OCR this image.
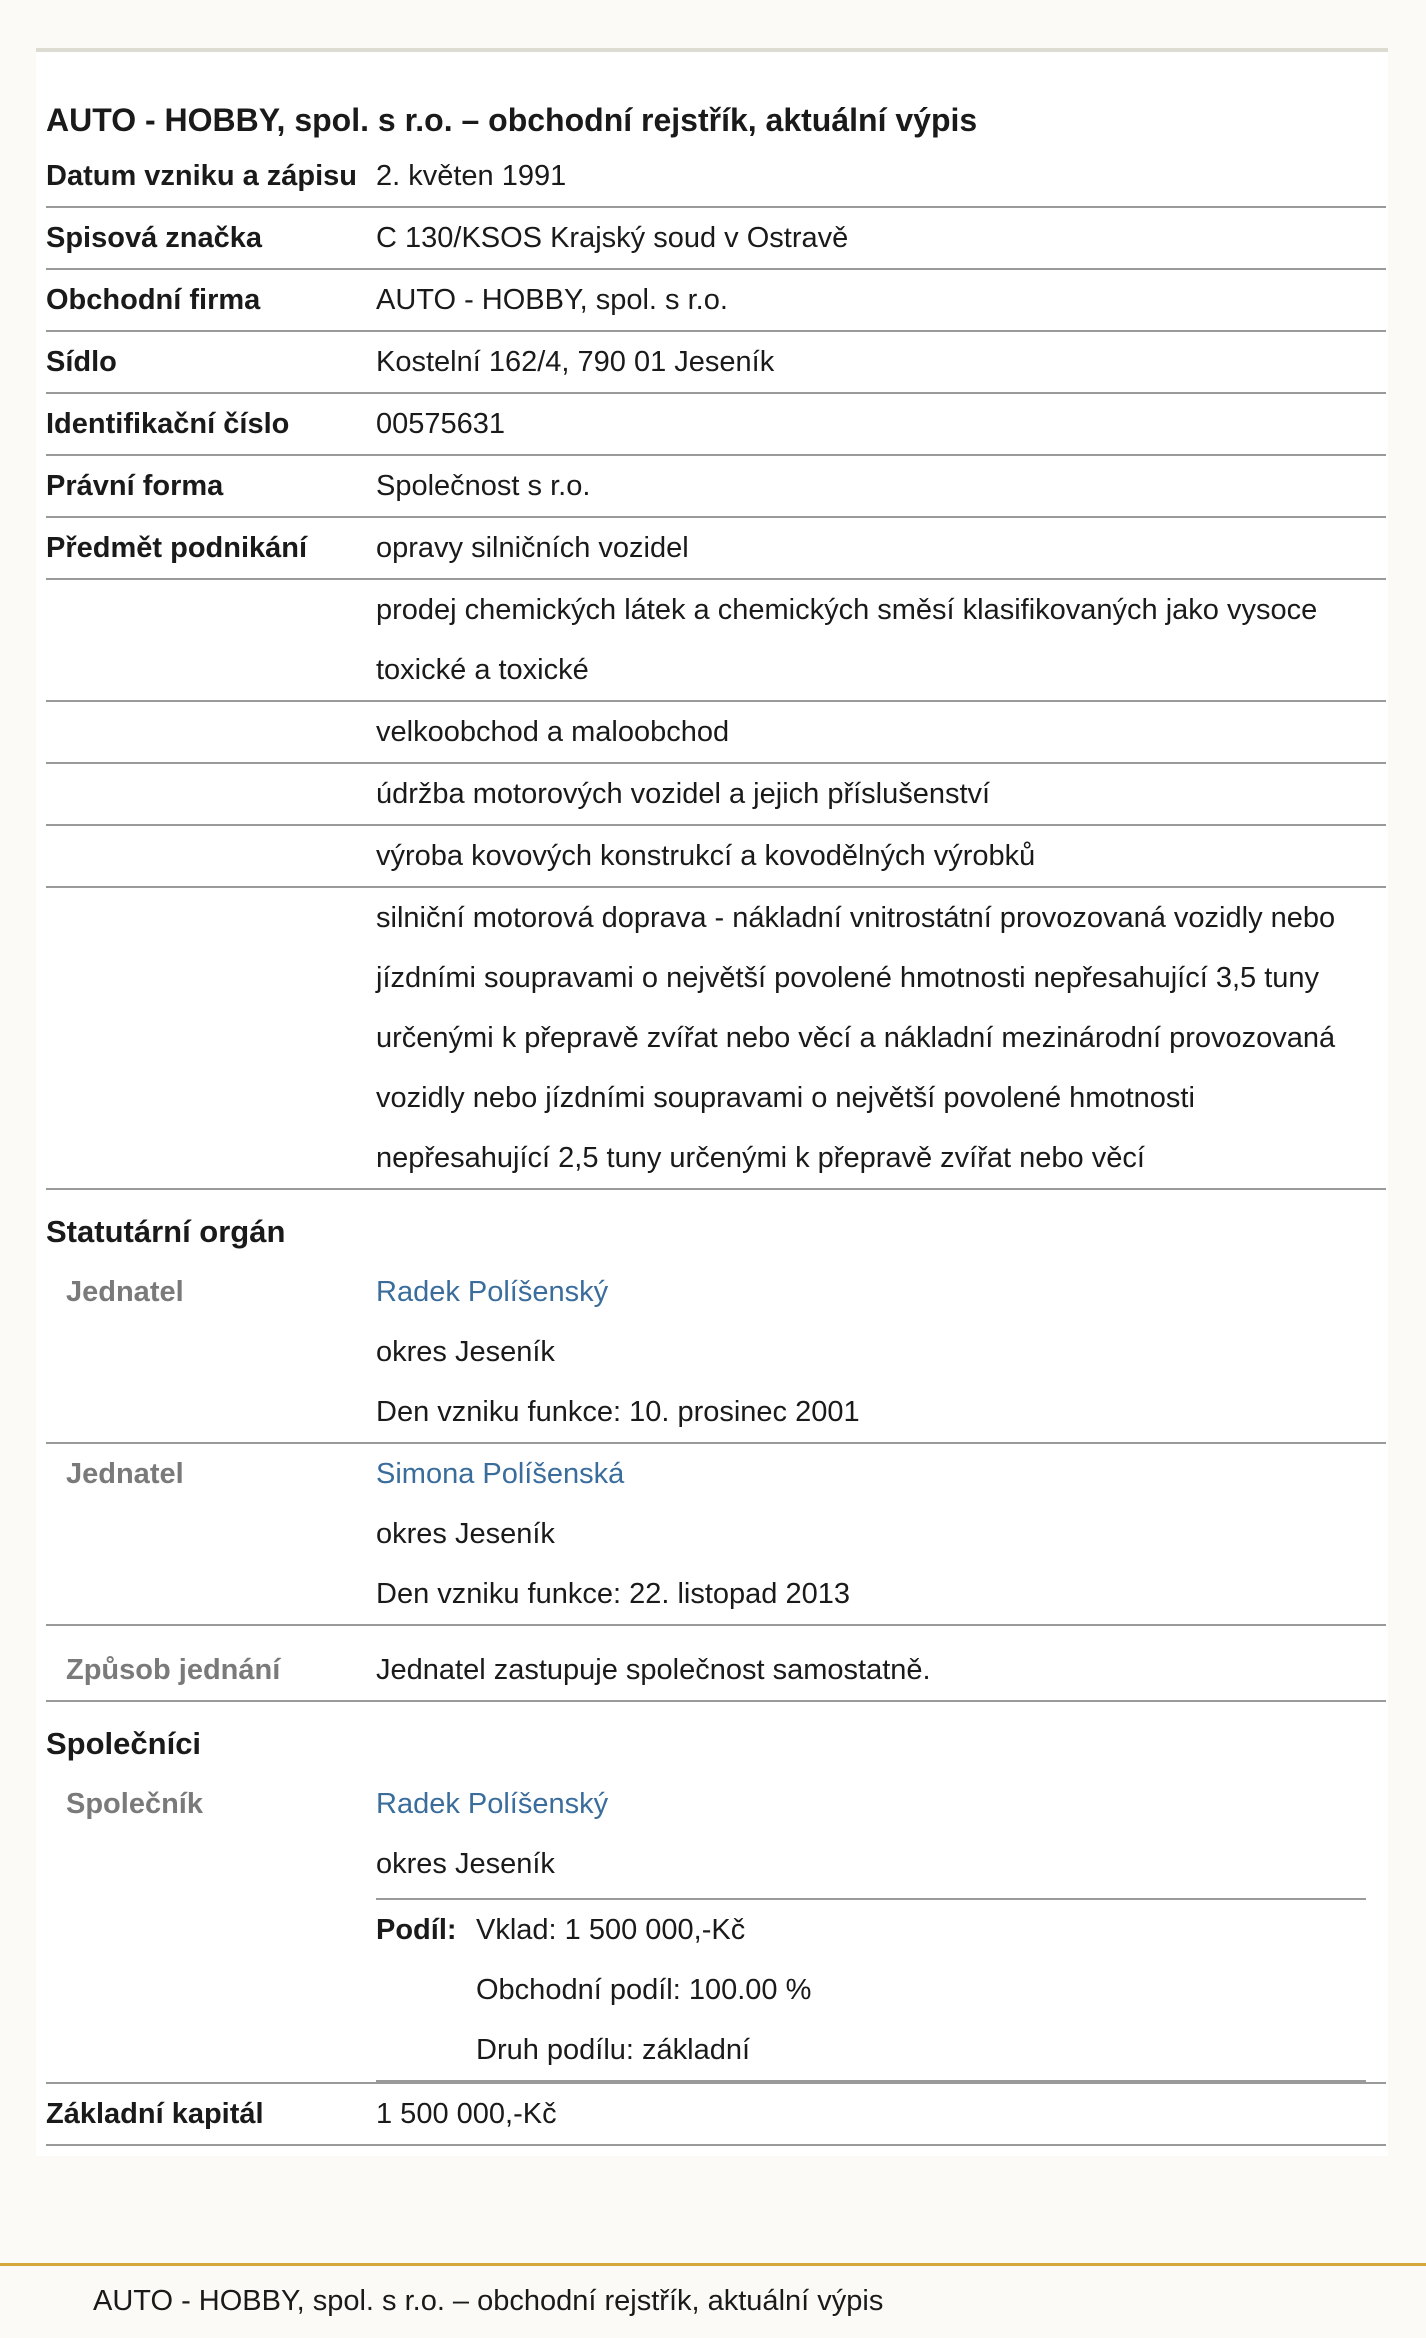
AUTO - HOBBY, spol. s r.o. – obchodní rejstřík, aktuální výpis
Datum vzniku a zápisu	2. květen 1991
Spisová značka	C 130/KSOS Krajský soud v Ostravě
Obchodní firma	AUTO - HOBBY, spol. s r.o.
Sídlo	Kostelní 162/4, 790 01 Jeseník
Identifikační číslo	00575631
Právní forma	Společnost s r.o.
Předmět podnikání	opravy silničních vozidel
	prodej chemických látek a chemických směsí klasifikovaných jako vysoce toxické a toxické
	velkoobchod a maloobchod
	údržba motorových vozidel a jejich příslušenství
	výroba kovových konstrukcí a kovodělných výrobků
	silniční motorová doprava - nákladní vnitrostátní provozovaná vozidly nebo jízdními soupravami o největší povolené hmotnosti nepřesahující 3,5 tuny určenými k přepravě zvířat nebo věcí a nákladní mezinárodní provozovaná vozidly nebo jízdními soupravami o největší povolené hmotnosti nepřesahující 2,5 tuny určenými k přepravě zvířat nebo věcí
Statutární orgán
Jednatel	Radek Políšenský
okres Jeseník
Den vzniku funkce: 10. prosinec 2001

Jednatel	Simona Políšenská
okres Jeseník
Den vzniku funkce: 22. listopad 2013

Způsob jednání	Jednatel zastupuje společnost samostatně.
Společníci
Společník	Radek Políšenský
okres Jeseník
Podíl:	Vklad: 1 500 000,-Kč
Obchodní podíl: 100.00 %
Druh podílu: základní

Základní kapitál	1 500 000,-Kč
AUTO - HOBBY, spol. s r.o. – obchodní rejstřík, aktuální výpis
